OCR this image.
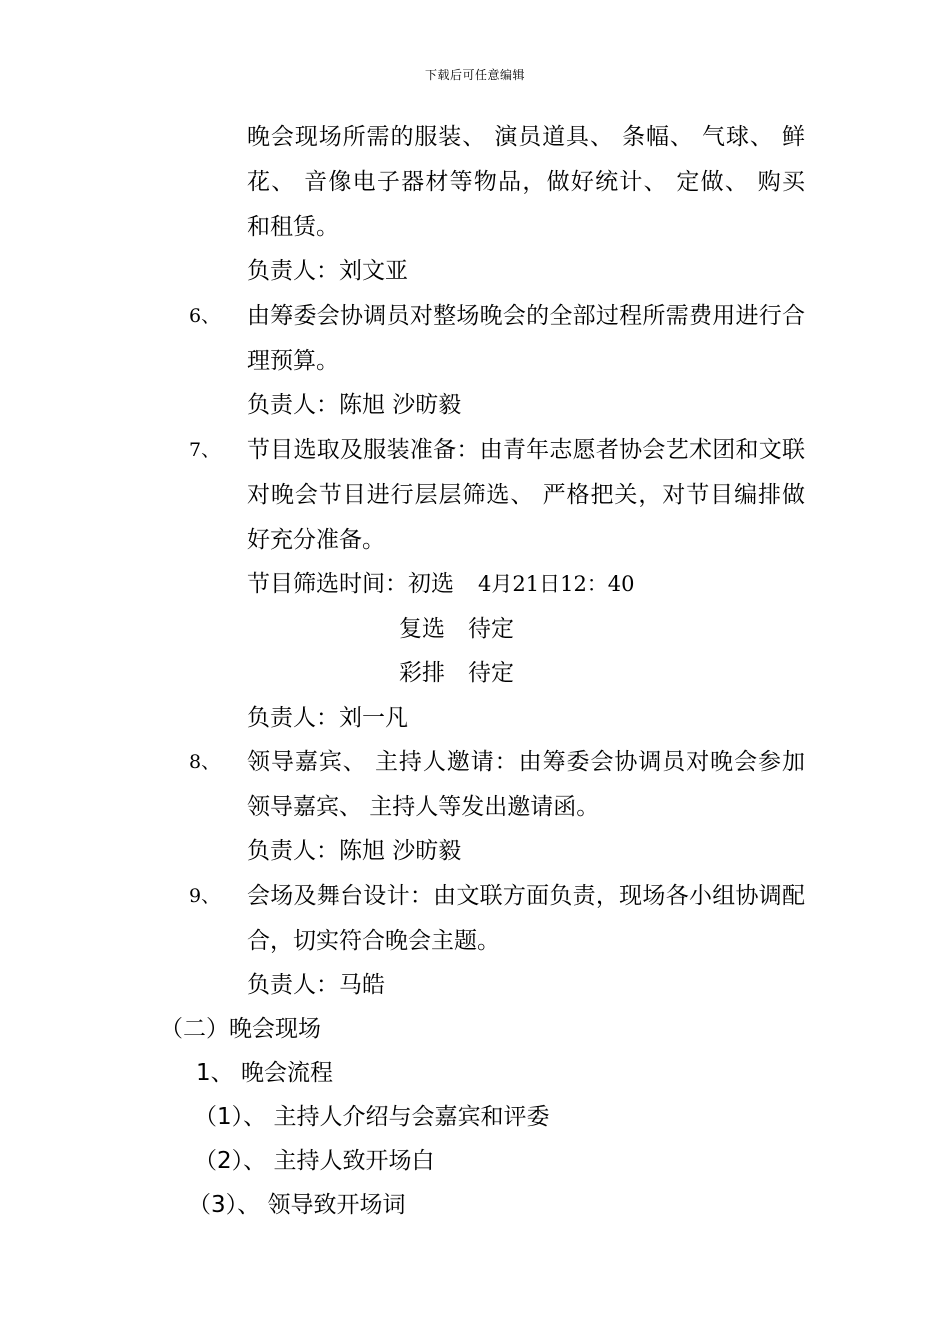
下载后可任意编辑
晚会现场所需的服装、 演员道具、 条幅、 气球、 鲜
花、 音像电子器材等物品，做好统计、 定做、 购买
和租赁。
负责人：刘文亚
6、 由筹委会协调员对整场晚会的全部过程所需费用进行合
理预算。
负责人：陈旭 沙昉毅
7、 节目选取及服装准备：由青年志愿者协会艺术团和文联
对晚会节目进行层层筛选、 严格把关，对节目编排做
好充分准备。
节目筛选时间：初选 4月21日12：40
复选　待定
彩排　待定
负责人：刘一凡
8、 领导嘉宾、 主持人邀请：由筹委会协调员对晚会参加
领导嘉宾、 主持人等发出邀请函。
负责人：陈旭 沙昉毅
9、 会场及舞台设计：由文联方面负责，现场各小组协调配
合，切实符合晚会主题。
负责人：马皓
（二）晚会现场
1、 晚会流程
（1）、 主持人介绍与会嘉宾和评委
（2）、 主持人致开场白
（3）、 领导致开场词
